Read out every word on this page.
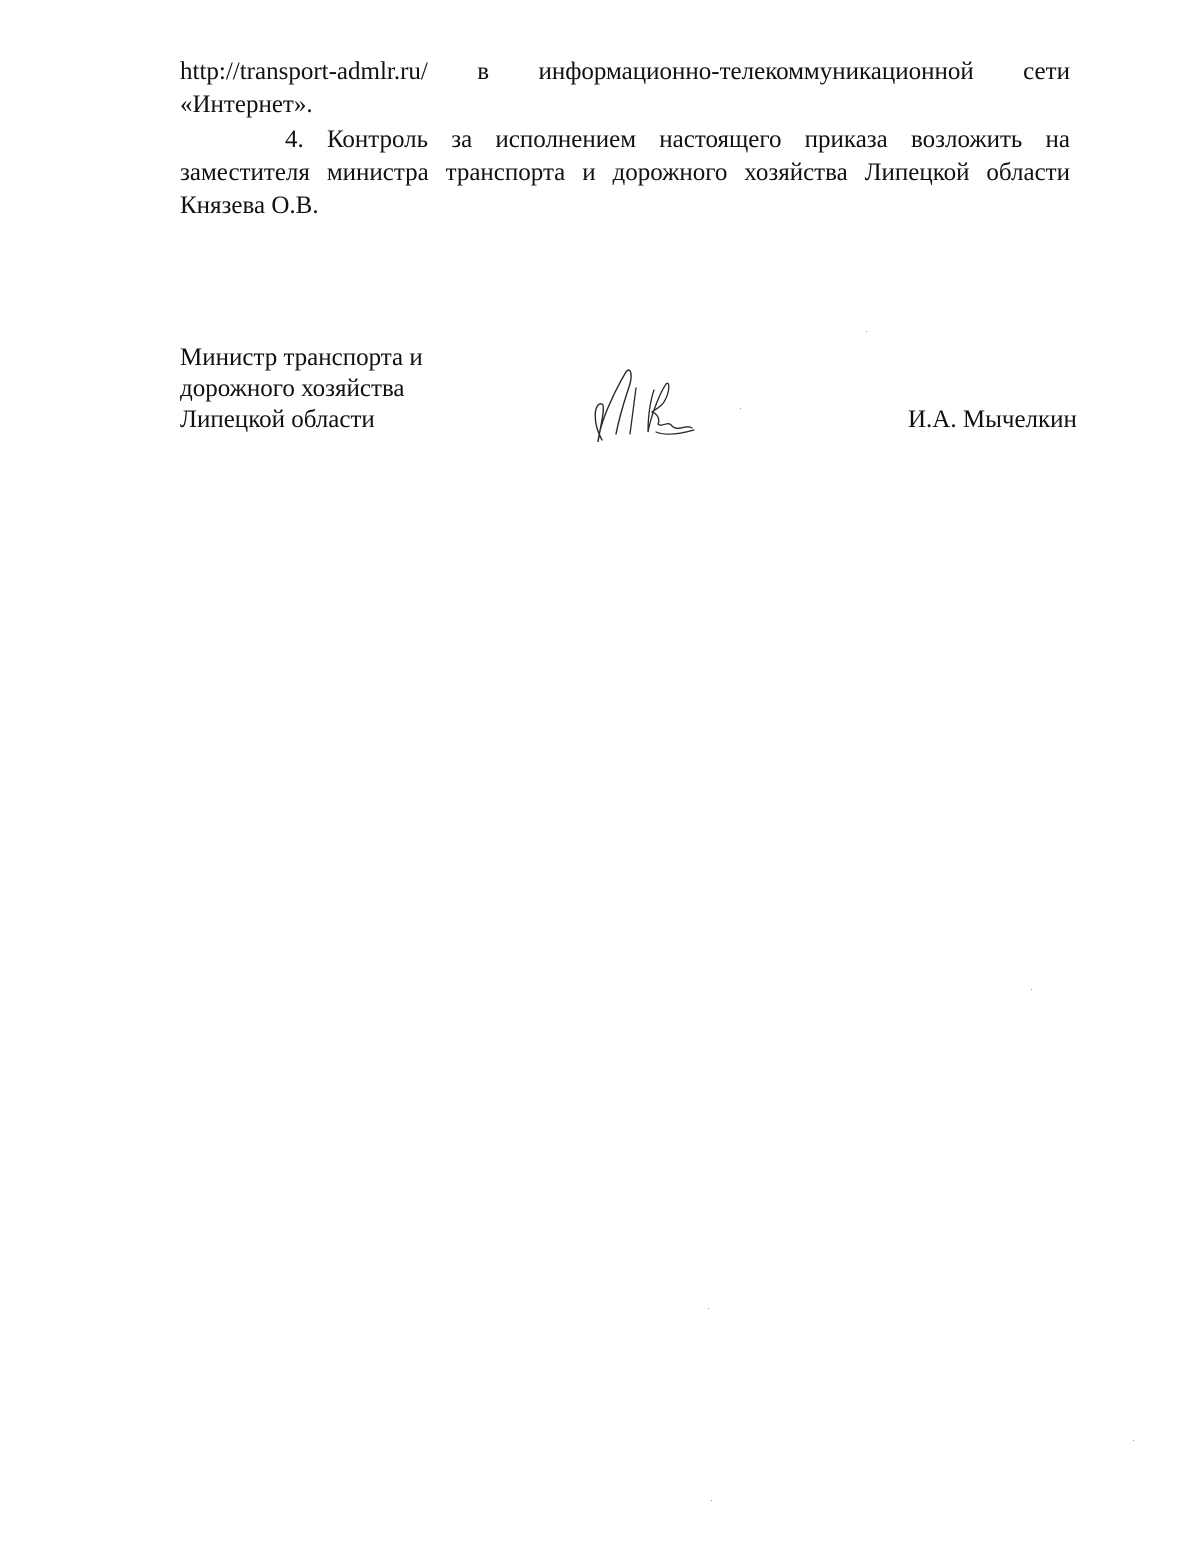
http://transport-admlr.ru/ в информационно-телекоммуникационной сети

«Интернет».

4. Контроль за исполнением настоящего приказа возложить на заместителя министра транспорта и дорожного хозяйства Липецкой области Князева О.В.

Министр транспорта и
дорожного хозяйства
Липецкой области	И.А. Мычелкин
